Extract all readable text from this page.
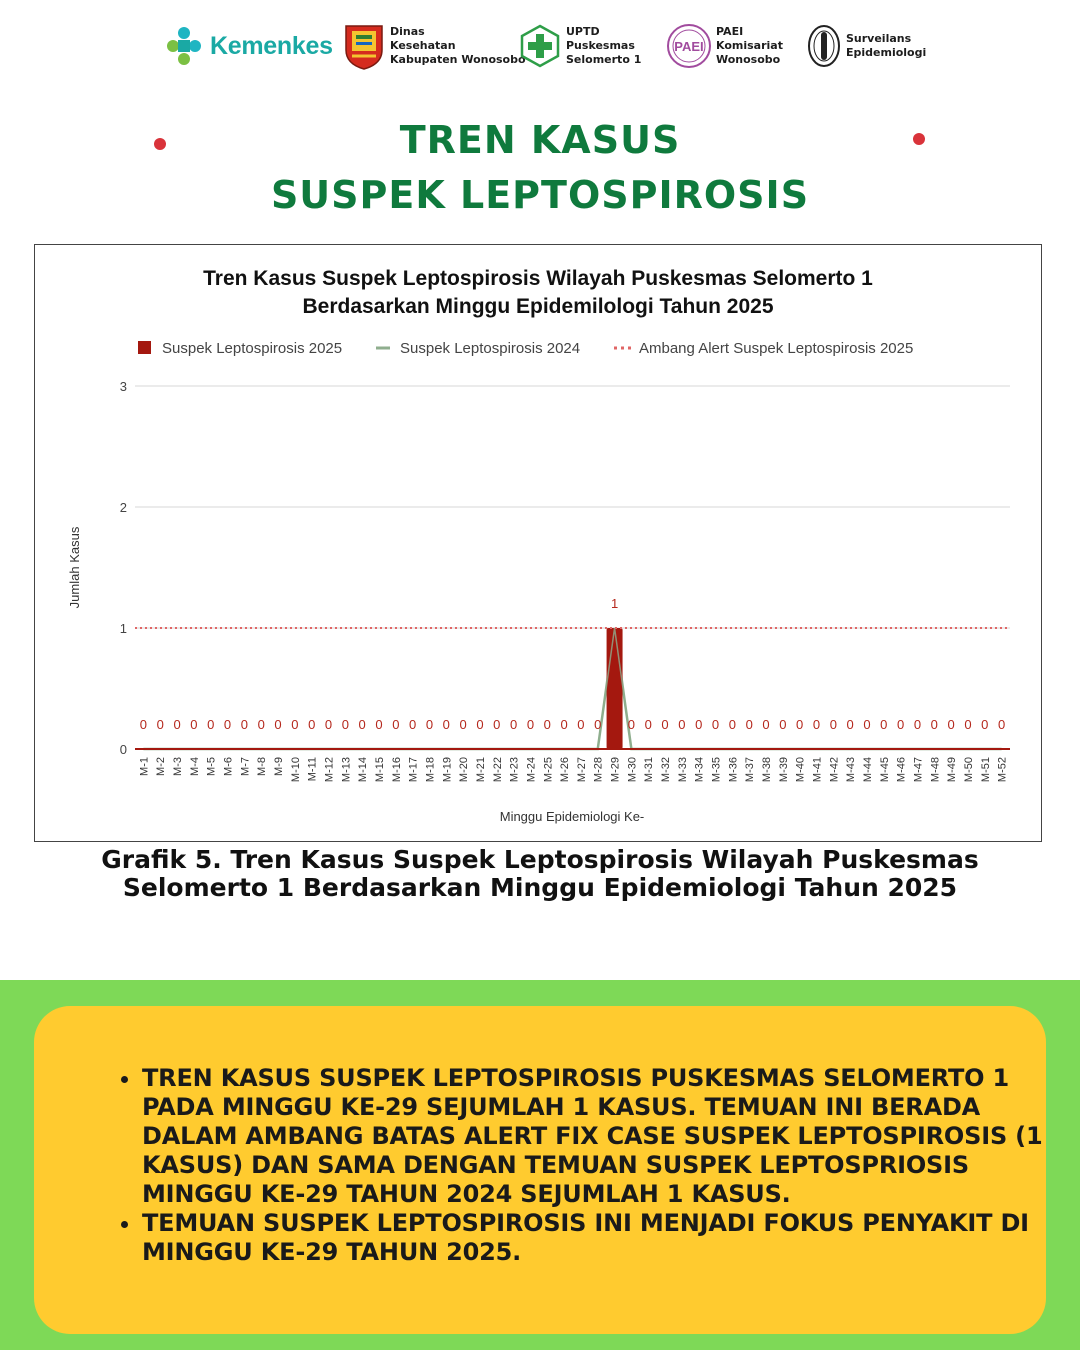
Kemenkes	Dinas
Kesehatan
Kabupaten Wonosobo
UPTD
Puskesmas
Selomerto 1
PAEI
PAEI
Komisariat
Wonosobo
Surveilans
Epidemiologi
TREN KASUS
SUSPEK LEPTOSPIROSIS
Tren Kasus Suspek Leptospirosis Wilayah Puskesmas Selomerto 1
Berdasarkan Minggu Epidemilologi Tahun 2025
Suspek Leptospirosis 2025	Suspek Leptospirosis 2024	Ambang Alert Suspek Leptospirosis 2025
0
1
2
3
Jumlah Kasus
0 0 0 0 0 0 0 0 0 0 0 0 0 0 0 0 0 0 0 0 0 0 0 0 0 0 0 0
1
0 0 0 0 0 0 0 0 0 0 0 0 0 0 0 0 0 0 0 0 0 0 0
M-1 M-2 M-3 M-4 M-5 M-6 M-7 M-8 M-9 M-10 M-11 M-12 M-13 M-14 M-15 M-16 M-17 M-18 M-19 M-20 M-21 M-22 M-23 M-24 M-25 M-26 M-27 M-28 M-29 M-30 M-31 M-32 M-33 M-34 M-35 M-36 M-37 M-38 M-39 M-40 M-41 M-42 M-43 M-44 M-45 M-46 M-47 M-48 M-49 M-50 M-51 M-52
Minggu Epidemiologi Ke-
Grafik 5. Tren Kasus Suspek Leptospirosis Wilayah Puskesmas
Selomerto 1 Berdasarkan Minggu Epidemiologi Tahun 2025
• TREN KASUS SUSPEK LEPTOSPIROSIS PUSKESMAS SELOMERTO 1 PADA MINGGU KE-29 SEJUMLAH 1 KASUS. TEMUAN INI BERADA DALAM AMBANG BATAS ALERT FIX CASE SUSPEK LEPTOSPIROSIS (1 KASUS) DAN SAMA DENGAN TEMUAN SUSPEK LEPTOSPRIOSIS MINGGU KE-29 TAHUN 2024 SEJUMLAH 1 KASUS.
• TEMUAN SUSPEK LEPTOSPIROSIS INI MENJADI FOKUS PENYAKIT DI MINGGU KE-29 TAHUN 2025.
